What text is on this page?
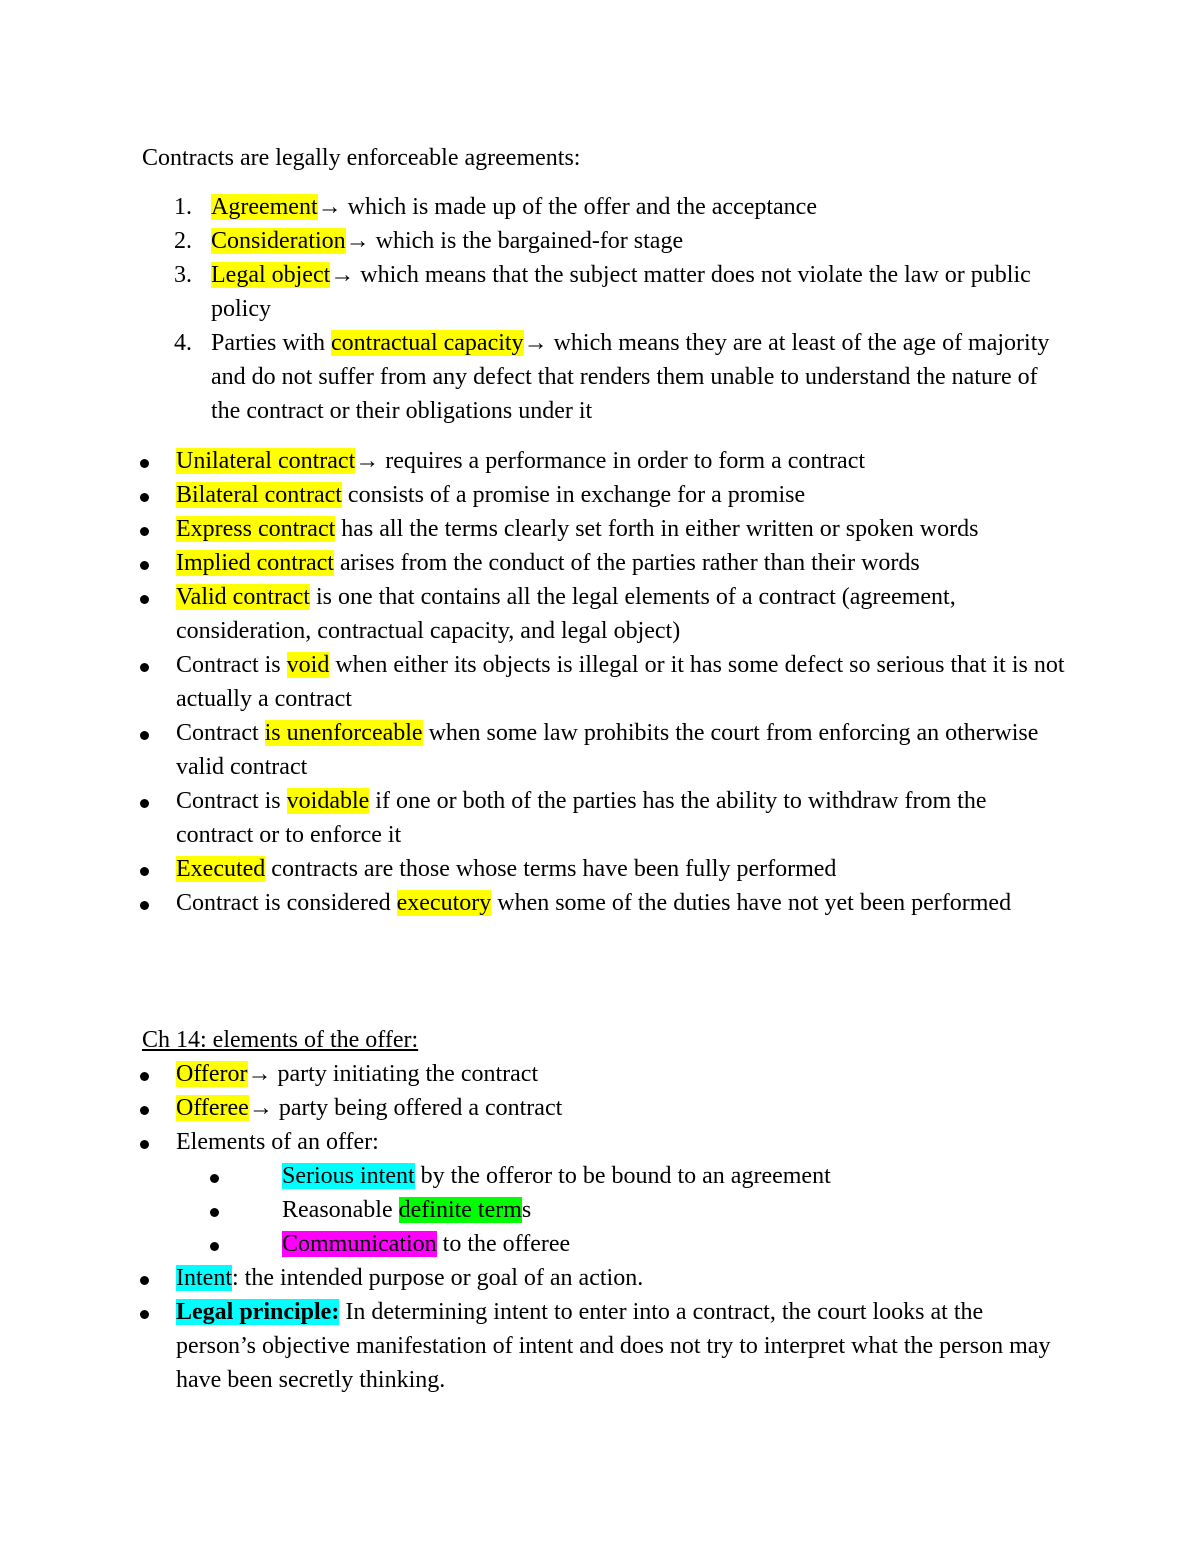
Contracts are legally enforceable agreements:
1. Agreement→ which is made up of the offer and the acceptance
2. Consideration→ which is the bargained-for stage
3. Legal object→ which means that the subject matter does not violate the law or public policy
4. Parties with contractual capacity→ which means they are at least of the age of majority and do not suffer from any defect that renders them unable to understand the nature of the contract or their obligations under it
Unilateral contract→ requires a performance in order to form a contract
Bilateral contract consists of a promise in exchange for a promise
Express contract has all the terms clearly set forth in either written or spoken words
Implied contract arises from the conduct of the parties rather than their words
Valid contract is one that contains all the legal elements of a contract (agreement, consideration, contractual capacity, and legal object)
Contract is void when either its objects is illegal or it has some defect so serious that it is not actually a contract
Contract is unenforceable when some law prohibits the court from enforcing an otherwise valid contract
Contract is voidable if one or both of the parties has the ability to withdraw from the contract or to enforce it
Executed contracts are those whose terms have been fully performed
Contract is considered executory when some of the duties have not yet been performed
Ch 14: elements of the offer:
Offeror→ party initiating the contract
Offeree→ party being offered a contract
Elements of an offer:
Serious intent by the offeror to be bound to an agreement
Reasonable definite terms
Communication to the offeree
Intent: the intended purpose or goal of an action.
Legal principle: In determining intent to enter into a contract, the court looks at the person’s objective manifestation of intent and does not try to interpret what the person may have been secretly thinking.
